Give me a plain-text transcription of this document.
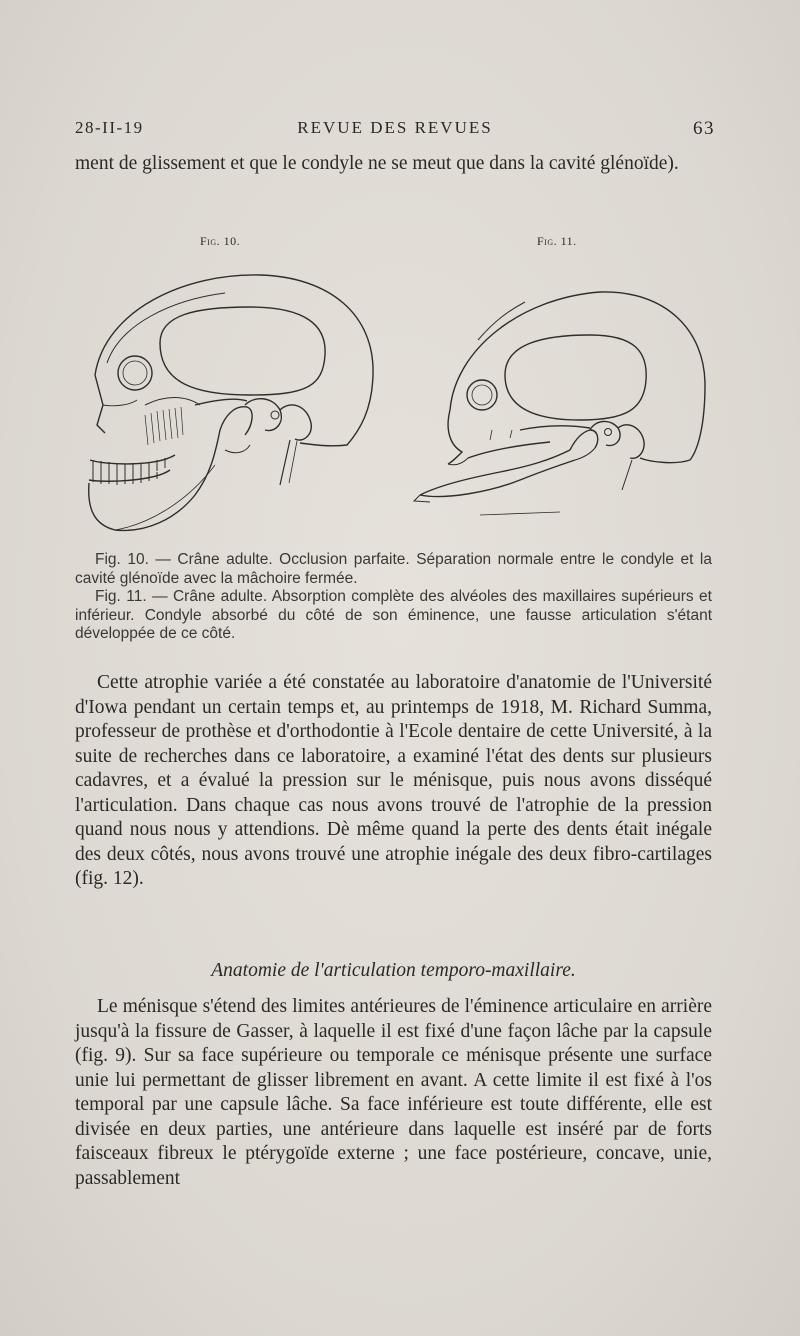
28-II-19	REVUE DES REVUES	63
ment de glissement et que le condyle ne se meut que dans la cavité glénoïde).
Fig. 10.	Fig. 11.

Fig. 10. — Crâne adulte. Occlusion parfaite. Séparation normale entre le condyle et la cavité glénoïde avec la mâchoire fermée.

Fig. 11. — Crâne adulte. Absorption complète des alvéoles des maxillaires supérieurs et inférieur. Condyle absorbé du côté de son éminence, une fausse articulation s'étant développée de ce côté.

Cette atrophie variée a été constatée au laboratoire d'anatomie de l'Université d'Iowa pendant un certain temps et, au printemps de 1918, M. Richard Summa, professeur de prothèse et d'orthodontie à l'Ecole dentaire de cette Université, à la suite de recherches dans ce laboratoire, a examiné l'état des dents sur plusieurs cadavres, et a évalué la pression sur le ménisque, puis nous avons disséqué l'articulation. Dans chaque cas nous avons trouvé de l'atrophie de la pression quand nous nous y attendions. Dè même quand la perte des dents était inégale des deux côtés, nous avons trouvé une atrophie inégale des deux fibro-cartilages (fig. 12).

Anatomie de l'articulation temporo-maxillaire.

Le ménisque s'étend des limites antérieures de l'éminence articulaire en arrière jusqu'à la fissure de Gasser, à laquelle il est fixé d'une façon lâche par la capsule (fig. 9). Sur sa face supérieure ou temporale ce ménisque présente une surface unie lui permettant de glisser librement en avant. A cette limite il est fixé à l'os temporal par une capsule lâche. Sa face inférieure est toute différente, elle est divisée en deux parties, une antérieure dans laquelle est inséré par de forts faisceaux fibreux le ptérygoïde externe ; une face postérieure, concave, unie, passablement
